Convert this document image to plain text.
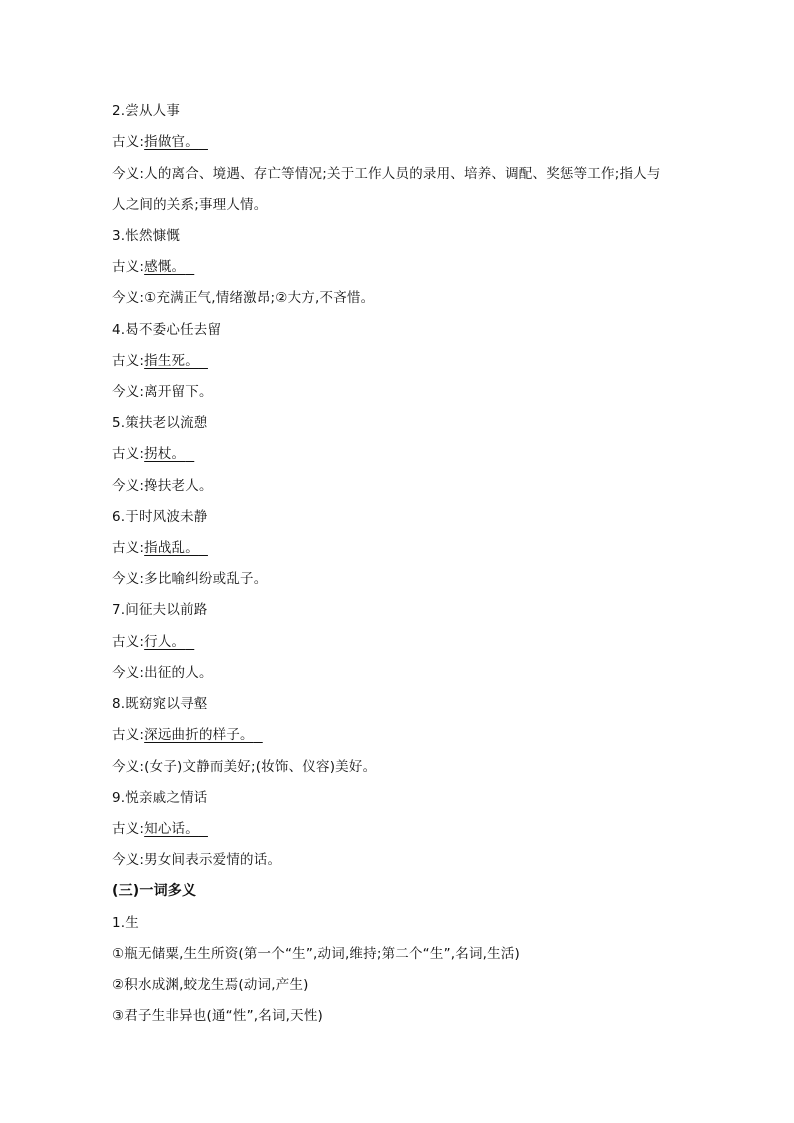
2.尝从人事
古义:指做官。
今义:人的离合、境遇、存亡等情况;关于工作人员的录用、培养、调配、奖惩等工作;指人与
人之间的关系;事理人情。
3.怅然慷慨
古义:感慨。
今义:①充满正气,情绪激昂;②大方,不吝惜。
4.曷不委心任去留
古义:指生死。
今义:离开留下。
5.策扶老以流憩
古义:拐杖。
今义:搀扶老人。
6.于时风波未静
古义:指战乱。
今义:多比喻纠纷或乱子。
7.问征夫以前路
古义:行人。
今义:出征的人。
8.既窈窕以寻壑
古义:深远曲折的样子。
今义:(女子)文静而美好;(妆饰、仪容)美好。
9.悦亲戚之情话
古义:知心话。
今义:男女间表示爱情的话。
(三)一词多义
1.生
①瓶无储粟,生生所资(第一个“生”,动词,维持;第二个“生”,名词,生活)
②积水成渊,蛟龙生焉(动词,产生)
③君子生非异也(通“性”,名词,天性)
